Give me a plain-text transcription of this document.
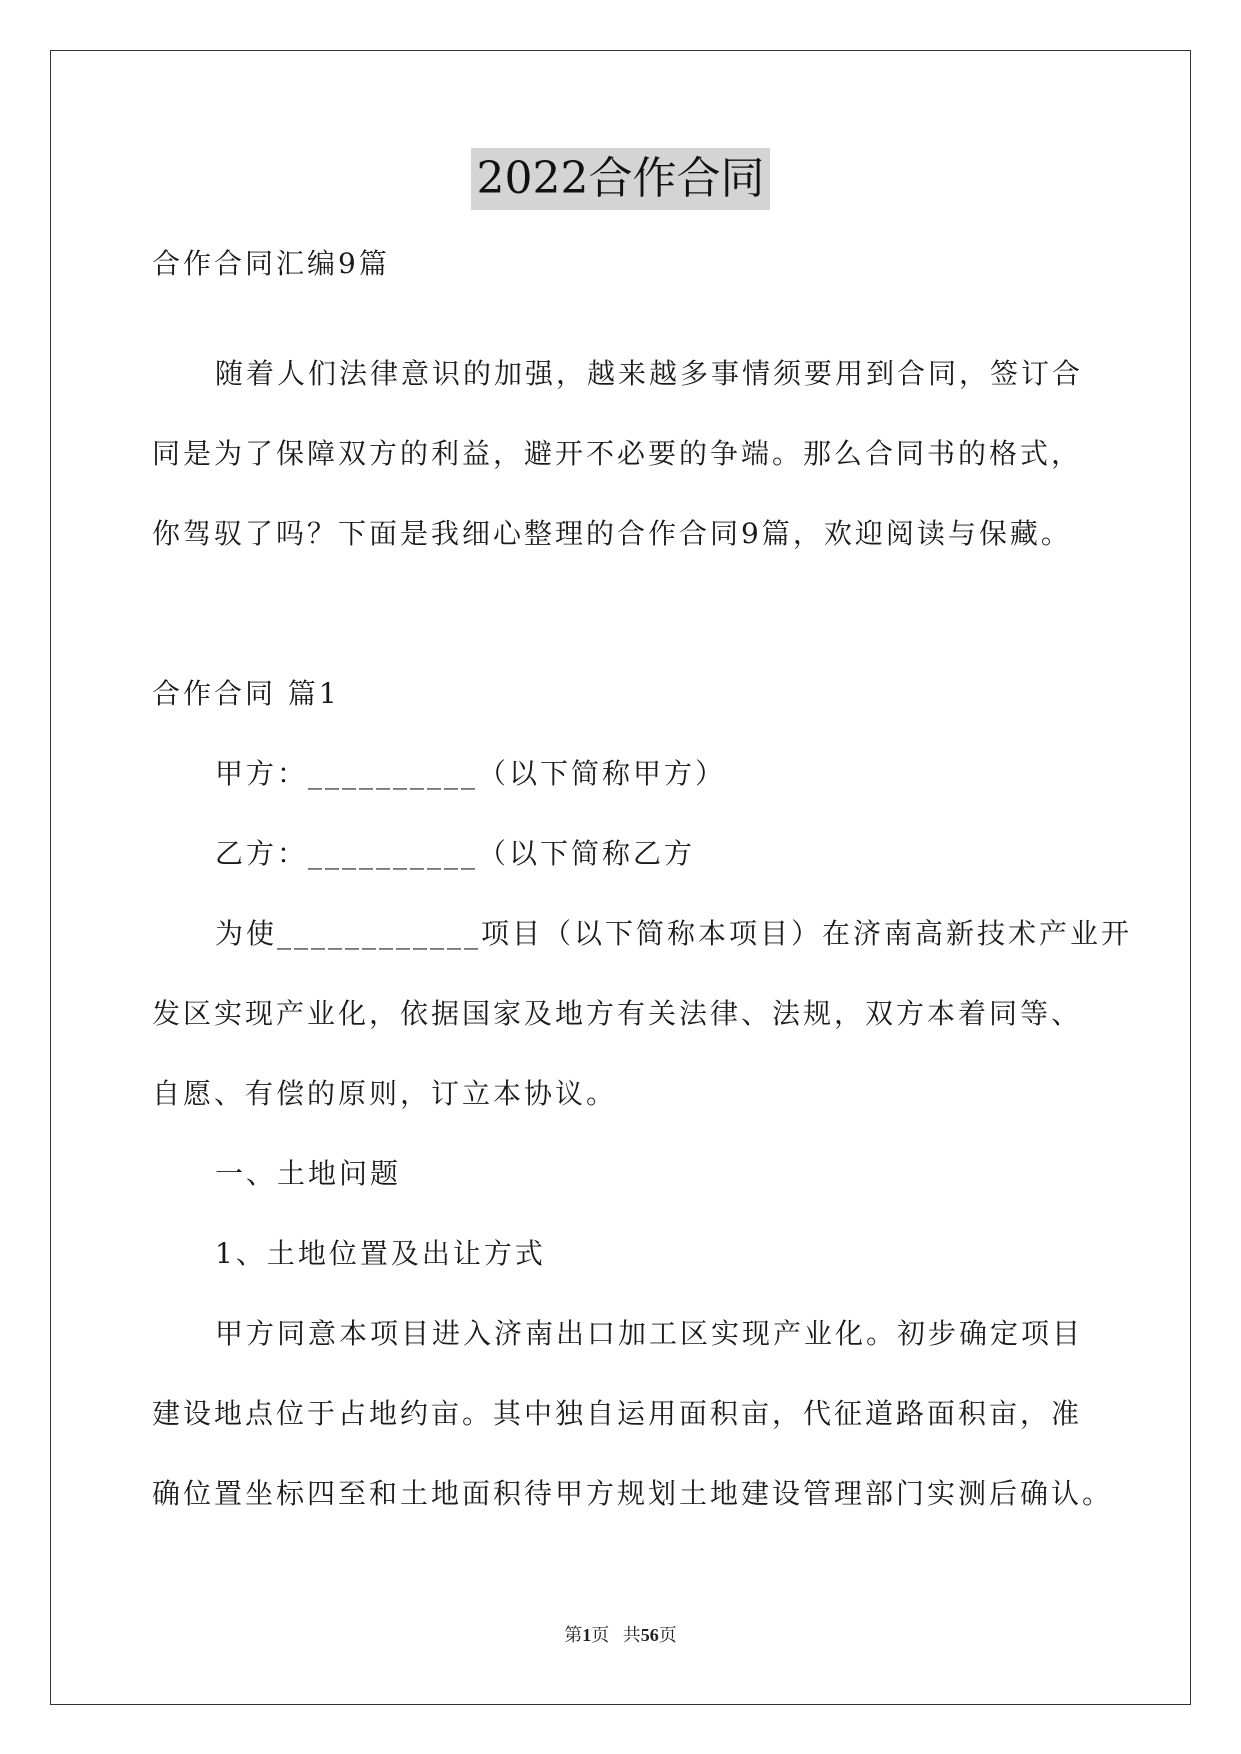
2022合作合同
合作合同汇编9篇
随着人们法律意识的加强，越来越多事情须要用到合同，签订合
同是为了保障双方的利益，避开不必要的争端。那么合同书的格式，
你驾驭了吗？下面是我细心整理的合作合同9篇，欢迎阅读与保藏。
合作合同 篇1
甲方：__________（以下简称甲方）
乙方：__________（以下简称乙方
为使____________项目（以下简称本项目）在济南高新技术产业开
发区实现产业化，依据国家及地方有关法律、法规，双方本着同等、
自愿、有偿的原则，订立本协议。
一、土地问题
1、土地位置及出让方式
甲方同意本项目进入济南出口加工区实现产业化。初步确定项目
建设地点位于占地约亩。其中独自运用面积亩，代征道路面积亩，准
确位置坐标四至和土地面积待甲方规划土地建设管理部门实测后确认。
第1页 共56页
